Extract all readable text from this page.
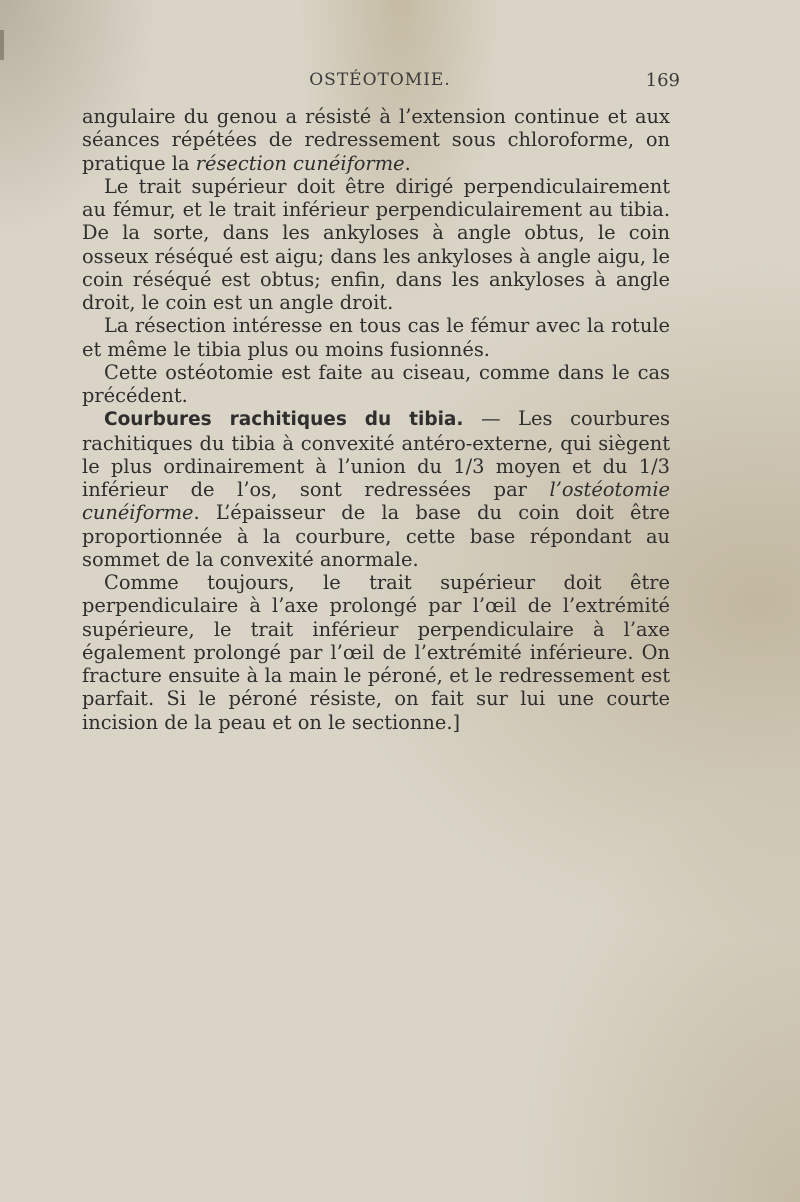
OSTÉOTOMIE.	169

angulaire du genou a résisté à l’extension continue et aux séances répétées de redressement sous chloroforme, on pratique la résection cunéiforme.

Le trait supérieur doit être dirigé perpendiculairement au fémur, et le trait inférieur perpendiculairement au tibia. De la sorte, dans les ankyloses à angle obtus, le coin osseux réséqué est aigu; dans les ankyloses à angle aigu, le coin réséqué est obtus; enfin, dans les ankyloses à angle droit, le coin est un angle droit.

La résection intéresse en tous cas le fémur avec la rotule et même le tibia plus ou moins fusionnés.

Cette ostéotomie est faite au ciseau, comme dans le cas précédent.

Courbures rachitiques du tibia. — Les courbures rachitiques du tibia à convexité antéro-externe, qui siègent le plus ordinairement à l’union du 1/3 moyen et du 1/3 inférieur de l’os, sont redressées par l’ostéotomie cunéiforme. L’épaisseur de la base du coin doit être proportionnée à la courbure, cette base répondant au sommet de la convexité anormale.

Comme toujours, le trait supérieur doit être perpendiculaire à l’axe prolongé par l’œil de l’extrémité supérieure, le trait inférieur perpendiculaire à l’axe également prolongé par l’œil de l’extrémité inférieure. On fracture ensuite à la main le péroné, et le redressement est parfait. Si le péroné résiste, on fait sur lui une courte incision de la peau et on le sectionne.]
